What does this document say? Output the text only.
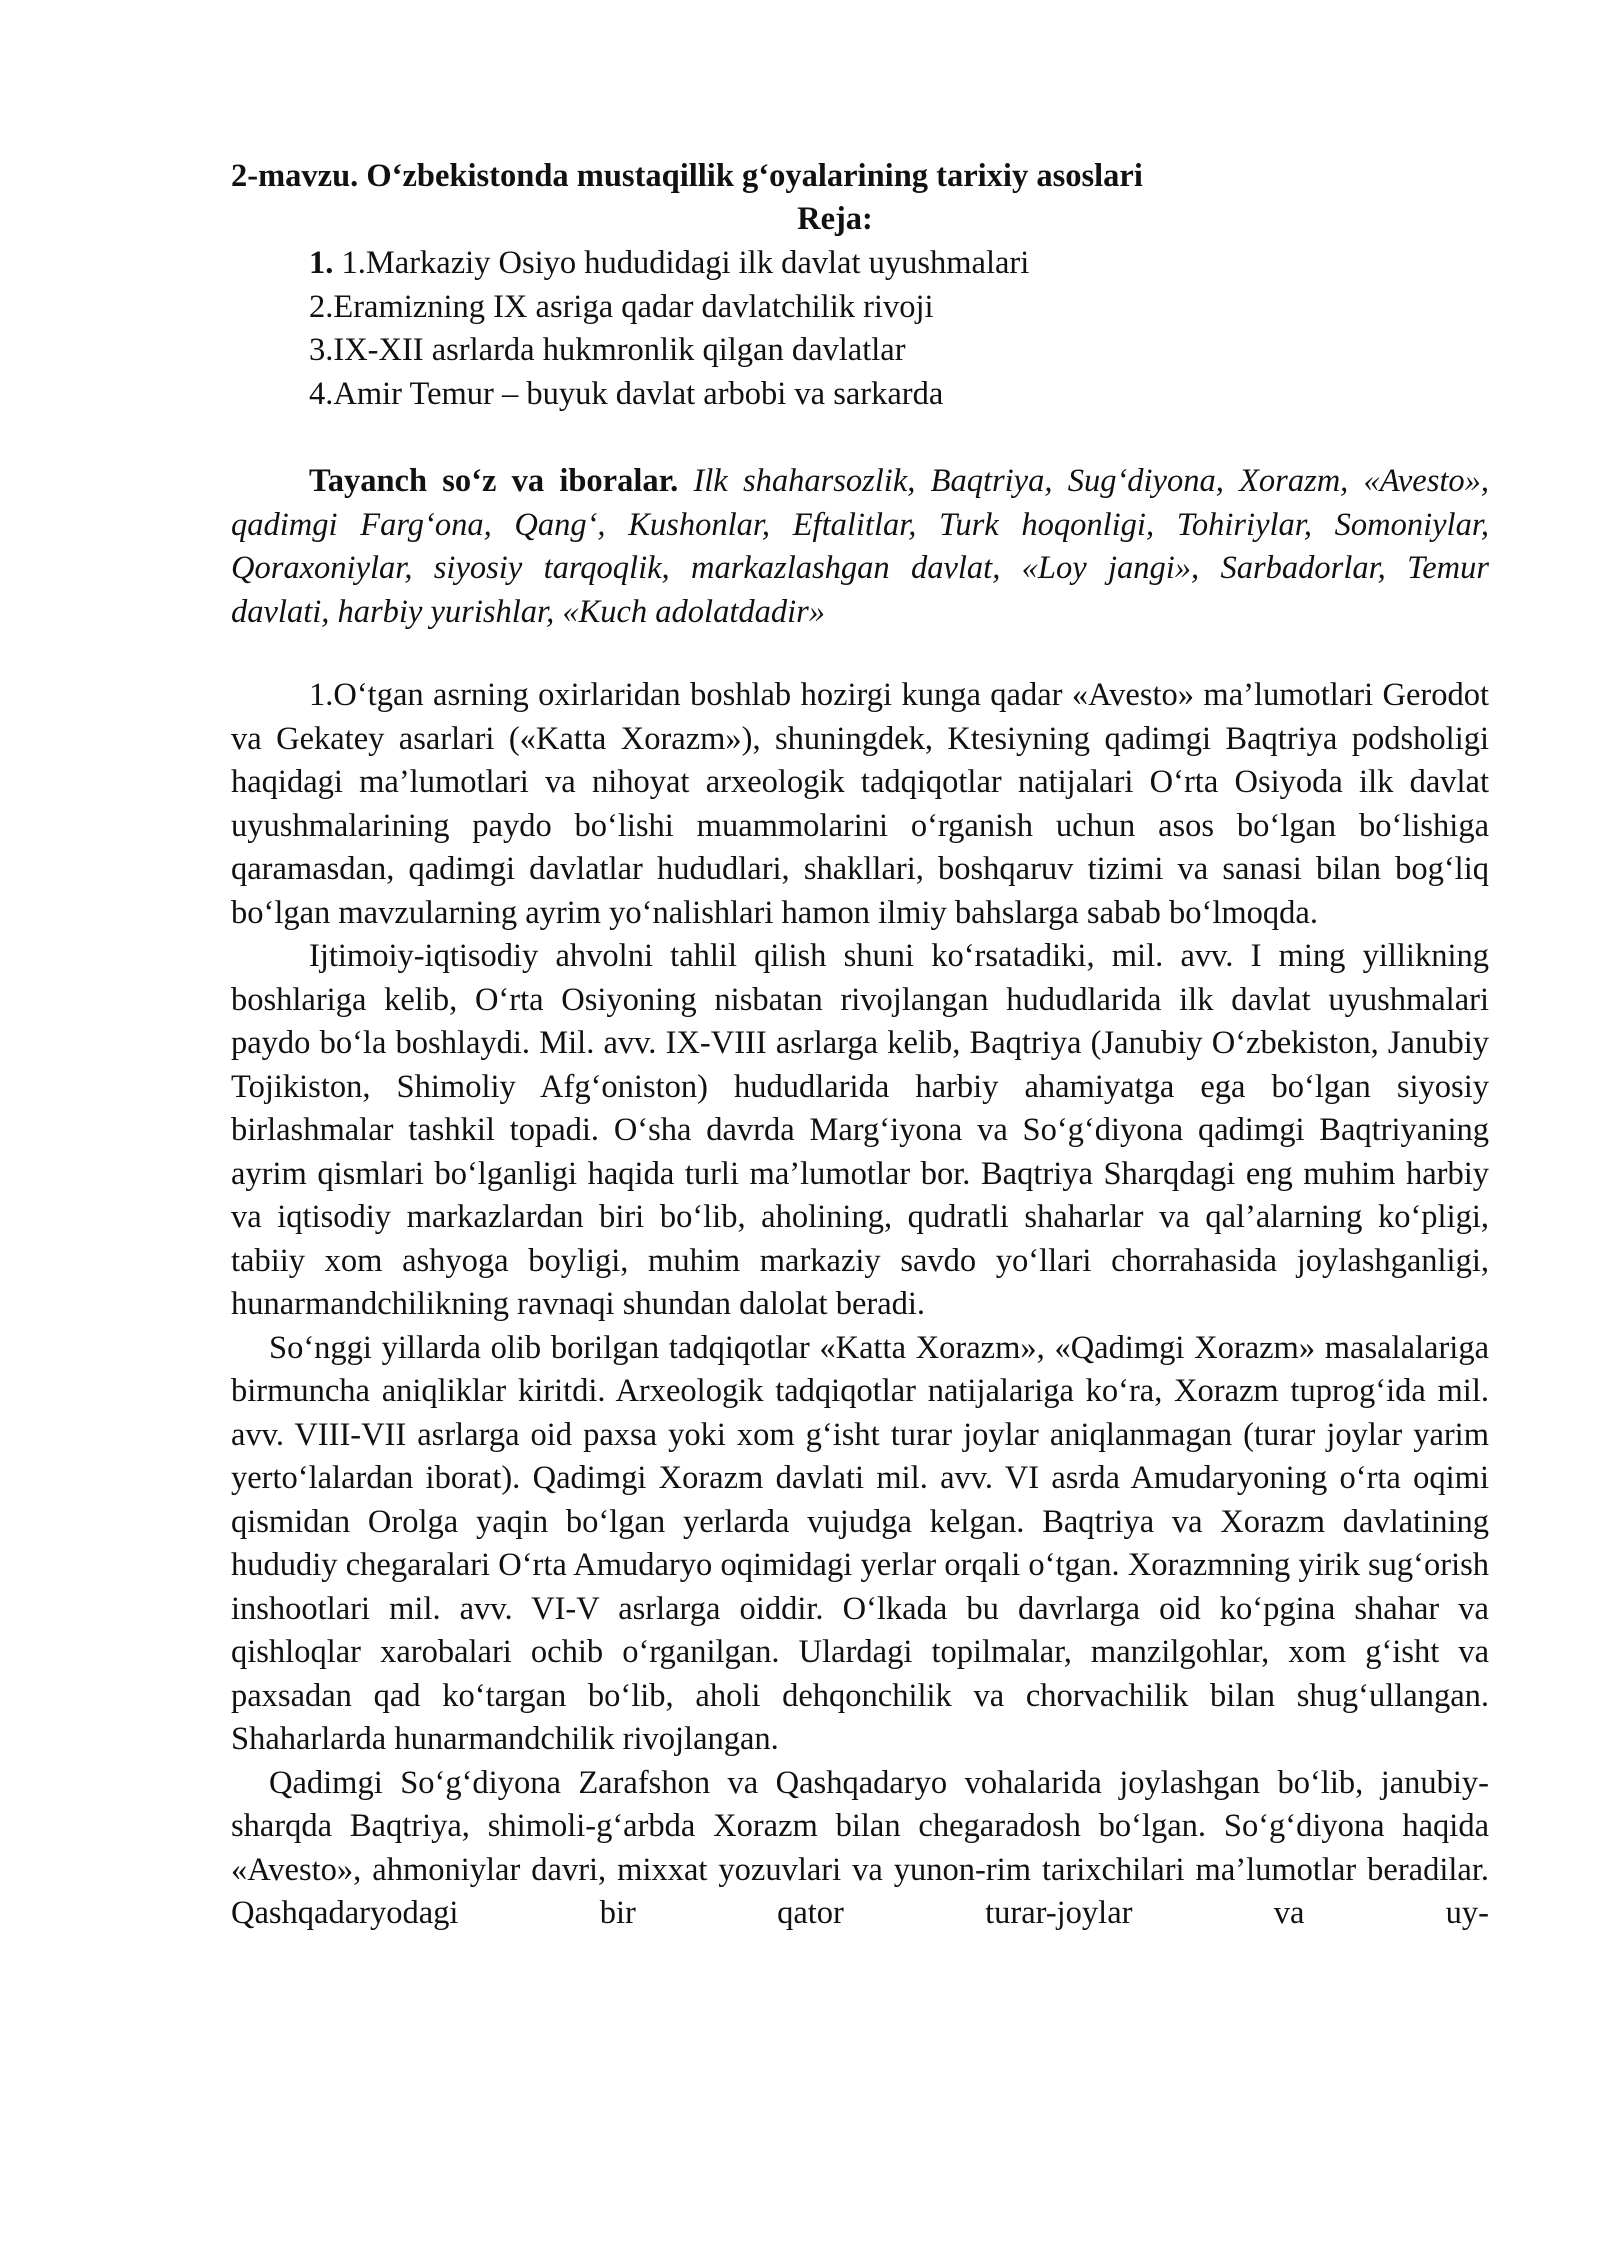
2-mavzu. O‘zbekistonda mustaqillik g‘oyalarining tarixiy asoslari
Reja:
1. 1.Markaziy Osiyo hududidagi ilk davlat uyushmalari
2.Eramizning IX asriga qadar davlatchilik rivoji
3.IX-XII asrlarda hukmronlik qilgan davlatlar
4.Amir Temur – buyuk davlat arbobi va sarkarda

Tayanch so‘z va iboralar. Ilk shaharsozlik, Baqtriya, Sug‘diyona, Xorazm, «Avesto», qadimgi Farg‘ona, Qang‘, Kushonlar, Eftalitlar, Turk hoqonligi, Tohiriylar, Somoniylar, Qoraxoniylar, siyosiy tarqoqlik, markazlashgan davlat, «Loy jangi», Sarbadorlar, Temur davlati, harbiy yurishlar, «Kuch adolatdadir»

1.O‘tgan asrning oxirlaridan boshlab hozirgi kunga qadar «Avesto» ma’lumotlari Gerodot va Gekatey asarlari («Katta Xorazm»), shuningdek, Ktesiyning qadimgi Baqtriya podsholigi haqidagi ma’lumotlari va nihoyat arxeologik tadqiqotlar natijalari O‘rta Osiyoda ilk davlat uyushmalarining paydo bo‘lishi muammolarini o‘rganish uchun asos bo‘lgan bo‘lishiga qaramasdan, qadimgi davlatlar hududlari, shakllari, boshqaruv tizimi va sanasi bilan bog‘liq bo‘lgan mavzularning ayrim yo‘nalishlari hamon ilmiy bahslarga sabab bo‘lmoqda.

Ijtimoiy-iqtisodiy ahvolni tahlil qilish shuni ko‘rsatadiki, mil. avv. I ming yillikning boshlariga kelib, O‘rta Osiyoning nisbatan rivojlangan hududlarida ilk davlat uyushmalari paydo bo‘la boshlaydi. Mil. avv. IX-VIII asrlarga kelib, Baqtriya (Janubiy O‘zbekiston, Janubiy Tojikiston, Shimoliy Afg‘oniston) hududlarida harbiy ahamiyatga ega bo‘lgan siyosiy birlashmalar tashkil topadi. O‘sha davrda Marg‘iyona va So‘g‘diyona qadimgi Baqtriyaning ayrim qismlari bo‘lganligi haqida turli ma’lumotlar bor. Baqtriya Sharqdagi eng muhim harbiy va iqtisodiy markazlardan biri bo‘lib, aholining, qudratli shaharlar va qal’alarning ko‘pligi, tabiiy xom ashyoga boyligi, muhim markaziy savdo yo‘llari chorrahasida joylashganligi, hunarmandchilikning ravnaqi shundan dalolat beradi.

So‘nggi yillarda olib borilgan tadqiqotlar «Katta Xorazm», «Qadimgi Xorazm» masalalariga birmuncha aniqliklar kiritdi. Arxeologik tadqiqotlar natijalariga ko‘ra, Xorazm tuprog‘ida mil. avv. VIII-VII asrlarga oid paxsa yoki xom g‘isht turar joylar aniqlanmagan (turar joylar yarim yerto‘lalardan iborat). Qadimgi Xorazm davlati mil. avv. VI asrda Amudaryoning o‘rta oqimi qismidan Orolga yaqin bo‘lgan yerlarda vujudga kelgan. Baqtriya va Xorazm davlatining hududiy chegaralari O‘rta Amudaryo oqimidagi yerlar orqali o‘tgan. Xorazmning yirik sug‘orish inshootlari mil. avv. VI-V asrlarga oiddir. O‘lkada bu davrlarga oid ko‘pgina shahar va qishloqlar xarobalari ochib o‘rganilgan. Ulardagi topilmalar, manzilgohlar, xom g‘isht va paxsadan qad ko‘targan bo‘lib, aholi dehqonchilik va chorvachilik bilan shug‘ullangan. Shaharlarda hunarmandchilik rivojlangan.

Qadimgi So‘g‘diyona Zarafshon va Qashqadaryo vohalarida joylashgan bo‘lib, janubiy-sharqda Baqtriya, shimoli-g‘arbda Xorazm bilan chegaradosh bo‘lgan. So‘g‘diyona haqida «Avesto», ahmoniylar davri, mixxat yozuvlari va yunon-rim tarixchilari ma’lumotlar beradilar. Qashqadaryodagi bir qator turar-joylar va uy-
